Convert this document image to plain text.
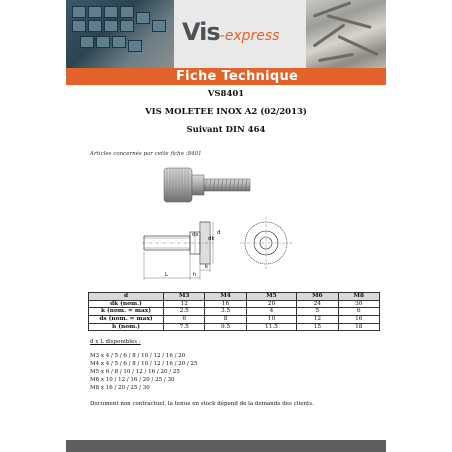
Vis-express
Fiche Technique
VS8401
VIS MOLETEE INOX A2 (02/2013)
Suivant DIN 464
Articles concernés par cette fiche :8401
ds
dk
d
k
L	h
d	M3	M4	M5	M6	M8
dk (nom.)	12	16	20	24	30
k (nom. = max)	2.5	3.5	4	5	6
ds (nom. = max)	6	8	10	12	16
h (nom.)	7.5	9.5	11.5	15	18
d x L disponibles :
M3 x 4 / 5 / 6 / 8 / 10 / 12 / 16 / 20
M4 x 4 / 5 / 6 / 8 / 10 / 12 / 16 / 20 / 25
M5 x 6 / 8 / 10 / 12 / 16 / 20 / 25
M6 x 10 / 12 / 16 / 20 / 25 / 30
M8 x 16 / 20 / 25 / 30
Document non contractuel, la tenue en stock dépend de la demande des clients.
